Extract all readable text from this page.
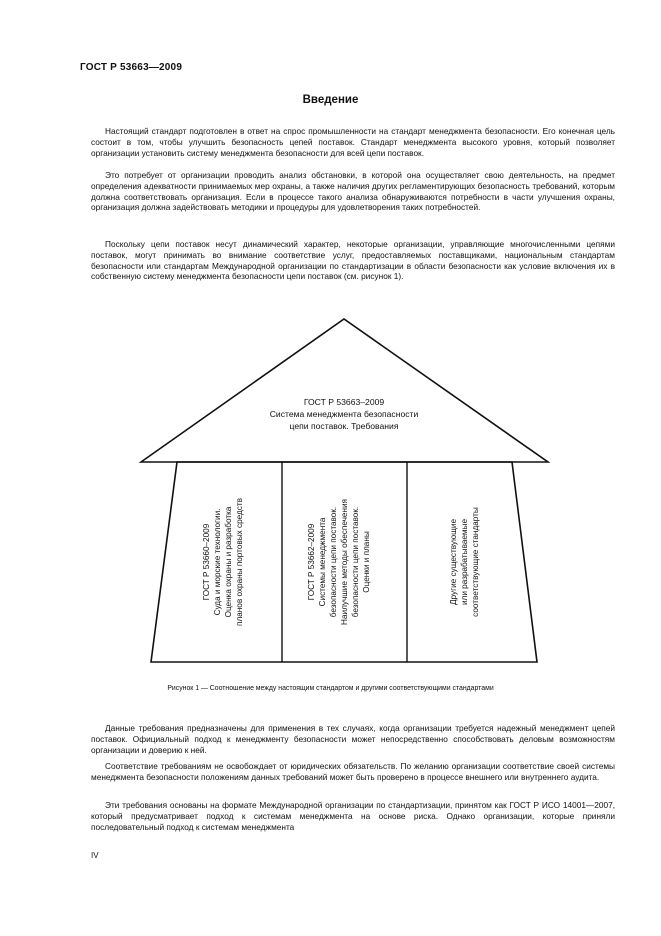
ГОСТ Р 53663—2009
Введение

Настоящий стандарт подготовлен в ответ на спрос промышленности на стандарт менеджмента безопасности. Его конечная цель состоит в том, чтобы улучшить безопасность цепей поставок. Стандарт менеджмента высокого уровня, который позволяет организации установить систему менеджмента безопасности для всей цепи поставок.

Это потребует от организации проводить анализ обстановки, в которой она осуществляет свою деятельность, на предмет определения адекватности принимаемых мер охраны, а также наличия других регламентирующих безопасность требований, которым должна соответствовать организация. Если в процессе такого анализа обнаруживаются потребности в части улучшения охраны, организация должна задействовать методики и процедуры для удовлетворения таких потребностей.

Поскольку цепи поставок несут динамический характер, некоторые организации, управляющие многочисленными цепями поставок, могут принимать во внимание соответствие услуг, предоставляемых поставщиками, национальным стандартам безопасности или стандартам Международной организации по стандартизации в области безопасности как условие включения их в собственную систему менеджмента безопасности цепи поставок (см. рисунок 1).

ГОСТ Р 53663–2009
Система менеджмента безопасности
цепи поставок. Требования
ГОСТ Р 53660–2009 Суда и морские технологии. Оценка охраны и разработка планов охраны портовых средств	ГОСТ Р 53662–2009 Системы менеджмента безопасности цепи поставок. Наилучшие методы обеспечения безопасности цепи поставок. Оценки и планы	Другие существующие или разрабатываемые соответствующие стандарты
Рисунок 1 — Соотношение между настоящим стандартом и другими соответствующими стандартами

Данные требования предназначены для применения в тех случаях, когда организации требуется надежный менеджмент цепей поставок. Официальный подход к менеджменту безопасности может непосредственно способствовать деловым возможностям организации и доверию к ней.

Соответствие требованиям не освобождает от юридических обязательств. По желанию организации соответствие своей системы менеджмента безопасности положениям данных требований может быть проверено в процессе внешнего или внутреннего аудита.

Эти требования основаны на формате Международной организации по стандартизации, принятом как ГОСТ Р ИСО 14001—2007, который предусматривает подход к системам менеджмента на основе риска. Однако организации, которые приняли последовательный подход к системам менеджмента

IV
